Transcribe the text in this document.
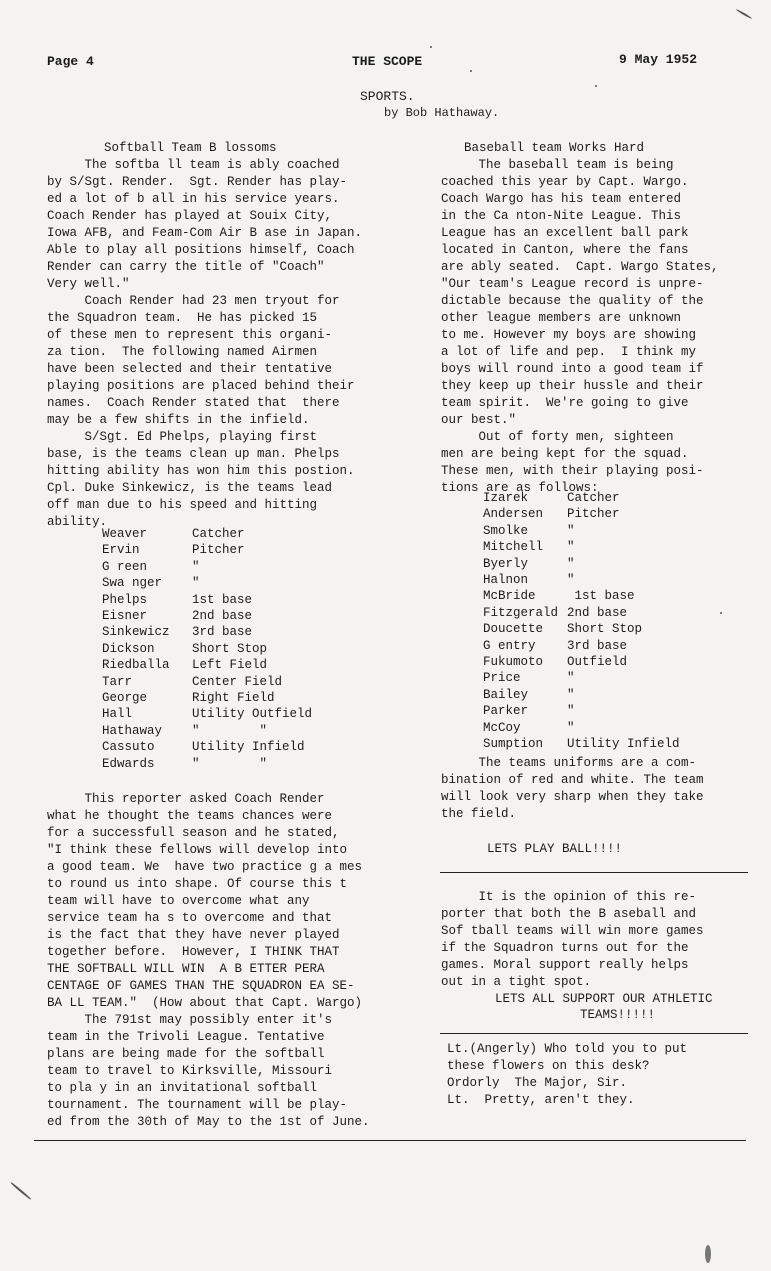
Page 4	THE SCOPE	9 May 1952
SPORTS.
by Bob Hathaway.
Softball Team B lossoms
The softba ll team is ably coached
by S/Sgt. Render.  Sgt. Render has play-
ed a lot of b all in his service years.
Coach Render has played at Souix City,
Iowa AFB, and Feam-Com Air B ase in Japan.
Able to play all positions himself, Coach
Render can carry the title of "Coach"
Very well."
Coach Render had 23 men tryout for
the Squadron team.  He has picked 15
of these men to represent this organi-
za tion.  The following named Airmen
have been selected and their tentative
playing positions are placed behind their
names.  Coach Render stated that  there
may be a few shifts in the infield.
S/Sgt. Ed Phelps, playing first
base, is the teams clean up man. Phelps
hitting ability has won him this postion.
Cpl. Duke Sinkewicz, is the teams lead
off man due to his speed and hitting
ability.
Weaver	Catcher
Ervin	Pitcher
G reen	"
Swa nger	"
Phelps	1st base
Eisner	2nd base
Sinkewicz	3rd base
Dickson	Short Stop
Riedballa	Left Field
Tarr	Center Field
George	Right Field
Hall	Utility Outfield
Hathaway	"        "
Cassuto	Utility Infield
Edwards	"        "
This reporter asked Coach Render
what he thought the teams chances were
for a successfull season and he stated,
"I think these fellows will develop into
a good team. We  have two practice g a mes
to round us into shape. Of course this t
team will have to overcome what any
service team ha s to overcome and that
is the fact that they have never played
together before.  However, I THINK THAT
THE SOFTBALL WILL WIN  A B ETTER PERA
CENTAGE OF GAMES THAN THE SQUADRON EA SE-
BA LL TEAM."  (How about that Capt. Wargo)
The 791st may possibly enter it's
team in the Trivoli League. Tentative
plans are being made for the softball
team to travel to Kirksville, Missouri
to pla y in an invitational softball
tournament. The tournament will be play-
ed from the 30th of May to the 1st of June.
Baseball team Works Hard
The baseball team is being
coached this year by Capt. Wargo.
Coach Wargo has his team entered
in the Ca nton-Nite League. This
League has an excellent ball park
located in Canton, where the fans
are ably seated.  Capt. Wargo States,
"Our team's League record is unpre-
dictable because the quality of the
other league members are unknown
to me. However my boys are showing
a lot of life and pep.  I think my
boys will round into a good team if
they keep up their hussle and their
team spirit.  We're going to give
our best."
Out of forty men, sighteen
men are being kept for the squad.
These men, with their playing posi-
tions are as follows:
Izarek	Catcher
Andersen	Pitcher
Smolke	"
Mitchell	"
Byerly	"
Halnon	"
McBride	1st base
Fitzgerald 2nd base
Doucette	Short Stop
G entry	3rd base
Fukumoto	Outfield
Price	"
Bailey	"
Parker	"
McCoy	"
Sumption	Utility Infield
The teams uniforms are a com-
bination of red and white. The team
will look very sharp when they take
the field.
LETS PLAY BALL!!!!
It is the opinion of this re-
porter that both the B aseball and
Sof tball teams will win more games
if the Squadron turns out for the
games. Moral support really helps
out in a tight spot.
LETS ALL SUPPORT OUR ATHLETIC
TEAMS!!!!!
Lt.(Angerly) Who told you to put
these flowers on this desk?
Ordorly  The Major, Sir.
Lt.  Pretty, aren't they.
